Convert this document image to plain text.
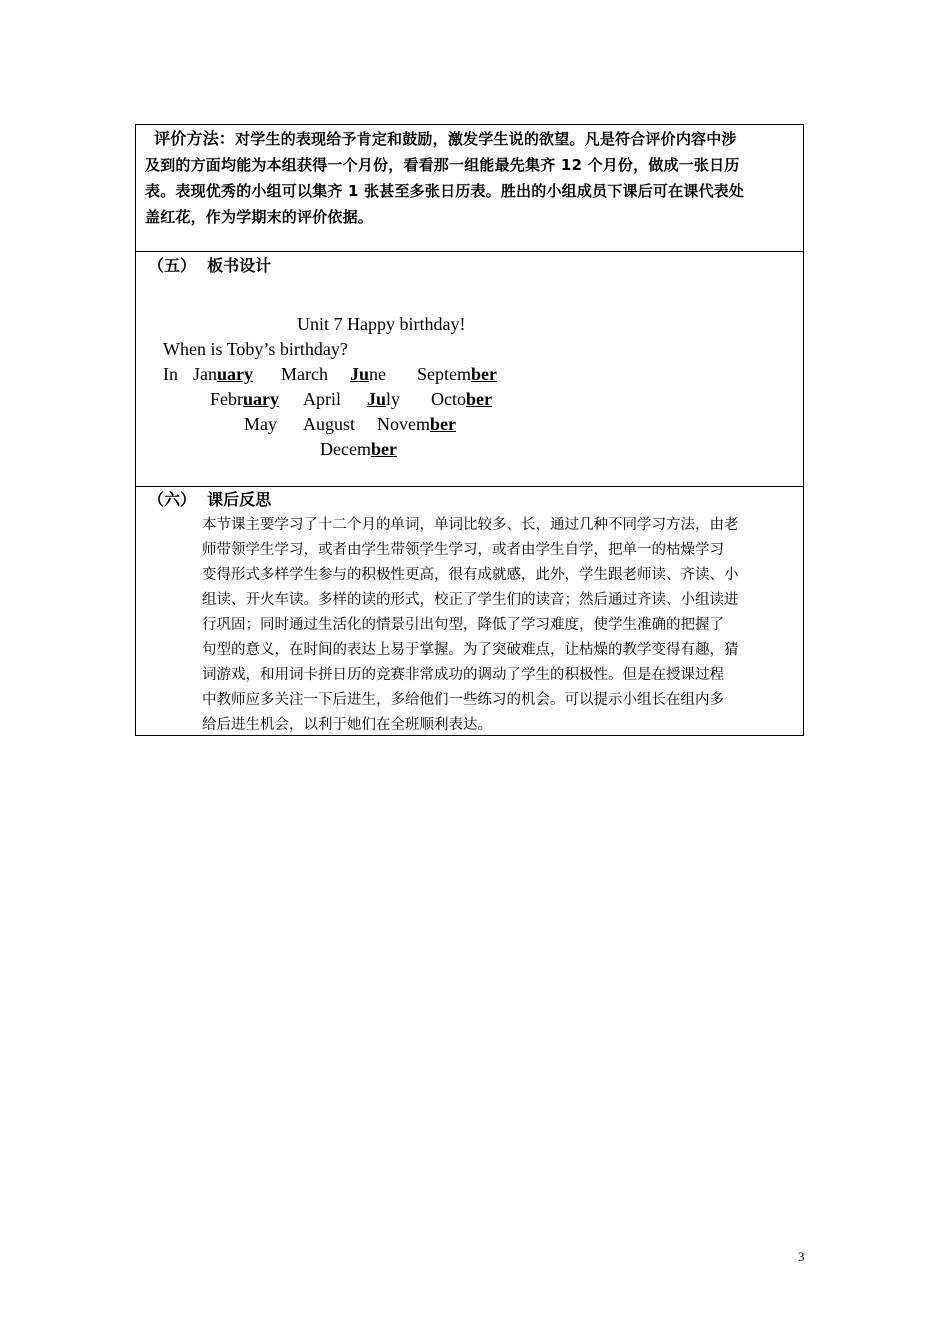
评价方法：对学生的表现给予肯定和鼓励，激发学生说的欲望。凡是符合评价内容中涉
及到的方面均能为本组获得一个月份，看看那一组能最先集齐 12 个月份，做成一张日历
表。表现优秀的小组可以集齐 1 张甚至多张日历表。胜出的小组成员下课后可在课代表处
盖红花，作为学期末的评价依据。
（五）  板书设计
Unit 7 Happy birthday!
When is Toby’s birthday?
In January March June September
February April July October
May August November
December
（六）  课后反思
本节课主要学习了十二个月的单词，单词比较多、长，通过几种不同学习方法，由老
师带领学生学习，或者由学生带领学生学习，或者由学生自学，把单一的枯燥学习
变得形式多样学生参与的积极性更高，很有成就感，此外，学生跟老师读、齐读、小
组读、开火车读。多样的读的形式，校正了学生们的读音；然后通过齐读、小组读进
行巩固；同时通过生活化的情景引出句型，降低了学习难度，使学生准确的把握了
句型的意义，在时间的表达上易于掌握。为了突破难点，让枯燥的教学变得有趣，猜
词游戏，和用词卡拼日历的竞赛非常成功的调动了学生的积极性。但是在授课过程
中教师应多关注一下后进生，多给他们一些练习的机会。可以提示小组长在组内多
给后进生机会，以利于她们在全班顺利表达。
3
